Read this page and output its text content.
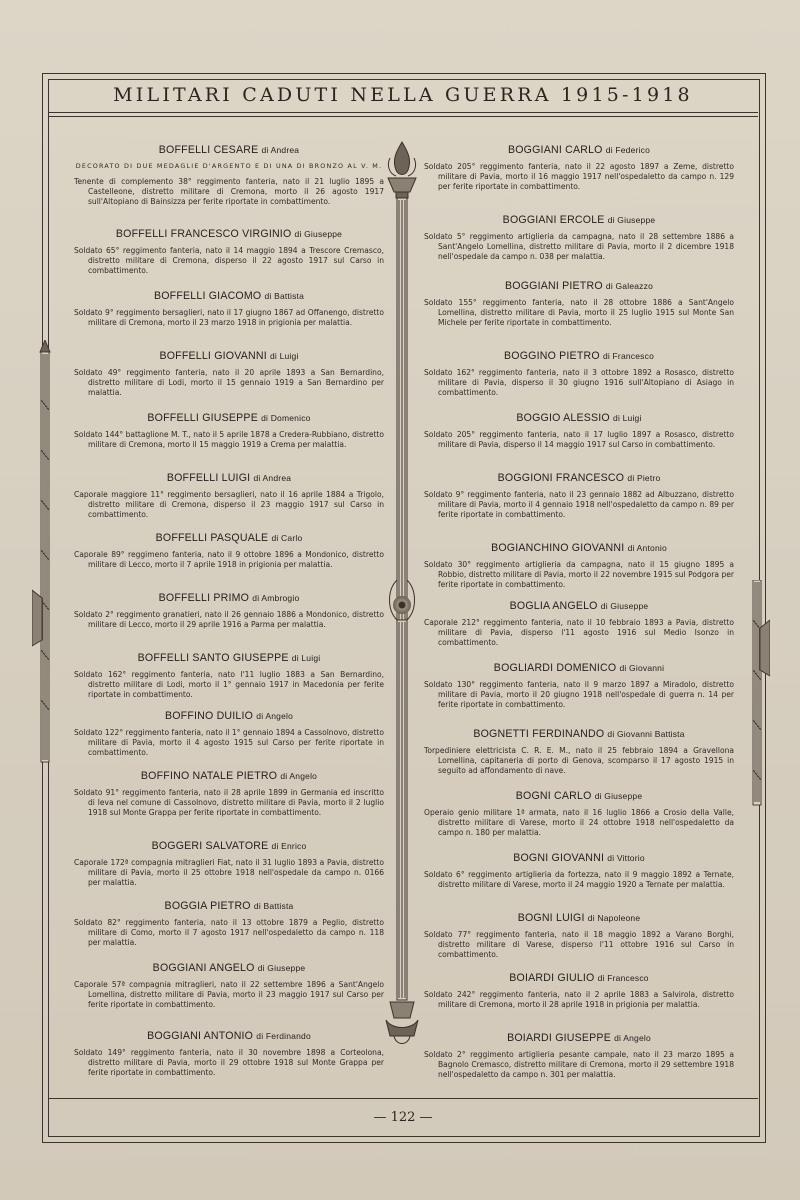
MILITARI CADUTI NELLA GUERRA 1915-1918
BOFFELLI CESARE di Andrea
DECORATO DI DUE MEDAGLIE D'ARGENTO E DI UNA DI BRONZO AL V. M.
Tenente di complemento 38° reggimento fanteria, nato il 21 luglio 1895 a Castelleone, distretto militare di Cremona, morto il 26 agosto 1917 sull'Altopiano di Bainsizza per ferite riportate in combattimento.
BOFFELLI FRANCESCO VIRGINIO di Giuseppe
Soldato 65° reggimento fanteria, nato il 14 maggio 1894 a Trescore Cremasco, distretto militare di Cremona, disperso il 22 agosto 1917 sul Carso in combattimento.
BOFFELLI GIACOMO di Battista
Soldato 9° reggimento bersaglieri, nato il 17 giugno 1867 ad Offanengo, distretto militare di Cremona, morto il 23 marzo 1918 in prigionia per malattia.
BOFFELLI GIOVANNI di Luigi
Soldato 49° reggimento fanteria, nato il 20 aprile 1893 a San Bernardino, distretto militare di Lodi, morto il 15 gennaio 1919 a San Bernardino per malattia.
BOFFELLI GIUSEPPE di Domenico
Soldato 144° battaglione M. T., nato il 5 aprile 1878 a Credera-Rubbiano, distretto militare di Cremona, morto il 15 maggio 1919 a Crema per malattia.
BOFFELLI LUIGI di Andrea
Caporale maggiore 11° reggimento bersaglieri, nato il 16 aprile 1884 a Trigolo, distretto militare di Cremona, disperso il 23 maggio 1917 sul Carso in combattimento.
BOFFELLI PASQUALE di Carlo
Caporale 89° reggimeno fanteria, nato il 9 ottobre 1896 a Mondonico, distretto militare di Lecco, morto il 7 aprile 1918 in prigionia per malattia.
BOFFELLI PRIMO di Ambrogio
Soldato 2° reggimento granatieri, nato il 26 gennaio 1886 a Mondonico, distretto militare di Lecco, morto il 29 aprile 1916 a Parma per malattia.
BOFFELLI SANTO GIUSEPPE di Luigi
Soldato 162° reggimento fanteria, nato l'11 luglio 1883 a San Bernardino, distretto militare di Lodi, morto il 1° gennaio 1917 in Macedonia per ferite riportate in combattimento.
BOFFINO DUILIO di Angelo
Soldato 122° reggimento fanteria, nato il 1° gennaio 1894 a Cassolnovo, distretto militare di Pavia, morto il 4 agosto 1915 sul Carso per ferite riportate in combattimento.
BOFFINO NATALE PIETRO di Angelo
Soldato 91° reggimento fanteria, nato il 28 aprile 1899 in Germania ed inscritto di leva nel comune di Cassolnovo, distretto militare di Pavia, morto il 2 luglio 1918 sul Monte Grappa per ferite riportate in combattimento.
BOGGERI SALVATORE di Enrico
Caporale 172ª compagnia mitraglieri Fiat, nato il 31 luglio 1893 a Pavia, distretto militare di Pavia, morto il 25 ottobre 1918 nell'ospedale da campo n. 0166 per malattia.
BOGGIA PIETRO di Battista
Soldato 82° reggimento fanteria, nato il 13 ottobre 1879 a Peglio, distretto militare di Como, morto il 7 agosto 1917 nell'ospedaletto da campo n. 118 per malattia.
BOGGIANI ANGELO di Giuseppe
Caporale 57ª compagnia mitraglieri, nato il 22 settembre 1896 a Sant'Angelo Lomellina, distretto militare di Pavia, morto il 23 maggio 1917 sul Carso per ferite riportate in combattimento.
BOGGIANI ANTONIO di Ferdinando
Soldato 149° reggimento fanteria, nato il 30 novembre 1898 a Corteolona, distretto militare di Pavia, morto il 29 ottobre 1918 sul Monte Grappa per ferite riportate in combattimento.
BOGGIANI CARLO di Federico
Soldato 205° reggimento fanteria, nato il 22 agosto 1897 a Zeme, distretto militare di Pavia, morto il 16 maggio 1917 nell'ospedaletto da campo n. 129 per ferite riportate in combattimento.
BOGGIANI ERCOLE di Giuseppe
Soldato 5° reggimento artiglieria da campagna, nato il 28 settembre 1886 a Sant'Angelo Lomellina, distretto militare di Pavia, morto il 2 dicembre 1918 nell'ospedale da campo n. 038 per malattia.
BOGGIANI PIETRO di Galeazzo
Soldato 155° reggimento fanteria, nato il 28 ottobre 1886 a Sant'Angelo Lomellina, distretto militare di Pavia, morto il 25 luglio 1915 sul Monte San Michele per ferite riportate in combattimento.
BOGGINO PIETRO di Francesco
Soldato 162° reggimento fanteria, nato il 3 ottobre 1892 a Rosasco, distretto militare di Pavia, disperso il 30 giugno 1916 sull'Altopiano di Asiago in combattimento.
BOGGIO ALESSIO di Luigi
Soldato 205° reggimento fanteria, nato il 17 luglio 1897 a Rosasco, distretto militare di Pavia, disperso il 14 maggio 1917 sul Carso in combattimento.
BOGGIONI FRANCESCO di Pietro
Soldato 9° reggimento fanteria, nato il 23 gennaio 1882 ad Albuzzano, distretto militare di Pavia, morto il 4 gennaio 1918 nell'ospedaletto da campo n. 89 per ferite riportate in combattimento.
BOGIANCHINO GIOVANNI di Antonio
Soldato 30° reggimento artiglieria da campagna, nato il 15 giugno 1895 a Robbio, distretto militare di Pavia, morto il 22 novembre 1915 sul Podgora per ferite riportate in combattimento.
BOGLIA ANGELO di Giuseppe
Caporale 212° reggimento fanteria, nato il 10 febbraio 1893 a Pavia, distretto militare di Pavia, disperso l'11 agosto 1916 sul Medio Isonzo in combattimento.
BOGLIARDI DOMENICO di Giovanni
Soldato 130° reggimento fanteria, nato il 9 marzo 1897 a Miradolo, distretto militare di Pavia, morto il 20 giugno 1918 nell'ospedale di guerra n. 14 per ferite riportate in combattimento.
BOGNETTI FERDINANDO di Giovanni Battista
Torpediniere elettricista C. R. E. M., nato il 25 febbraio 1894 a Gravellona Lomellina, capitaneria di porto di Genova, scomparso il 17 agosto 1915 in seguito ad affondamento di nave.
BOGNI CARLO di Giuseppe
Operaio genio militare 1ª armata, nato il 16 luglio 1866 a Crosio della Valle, distretto militare di Varese, morto il 24 ottobre 1918 nell'ospedaletto da campo n. 180 per malattia.
BOGNI GIOVANNI di Vittorio
Soldato 6° reggimento artiglieria da fortezza, nato il 9 maggio 1892 a Ternate, distretto militare di Varese, morto il 24 maggio 1920 a Ternate per malattia.
BOGNI LUIGI di Napoleone
Soldato 77° reggimento fanteria, nato il 18 maggio 1892 a Varano Borghi, distretto militare di Varese, disperso l'11 ottobre 1916 sul Carso in combattimento.
BOIARDI GIULIO di Francesco
Soldato 242° reggimento fanteria, nato il 2 aprile 1883 a Salvirola, distretto militare di Cremona, morto il 28 aprile 1918 in prigionia per malattia.
BOIARDI GIUSEPPE di Angelo
Soldato 2° reggimento artiglieria pesante campale, nato il 23 marzo 1895 a Bagnolo Cremasco, distretto militare di Cremona, morto il 29 settembre 1918 nell'ospedaletto da campo n. 301 per malattia.
— 122 —
